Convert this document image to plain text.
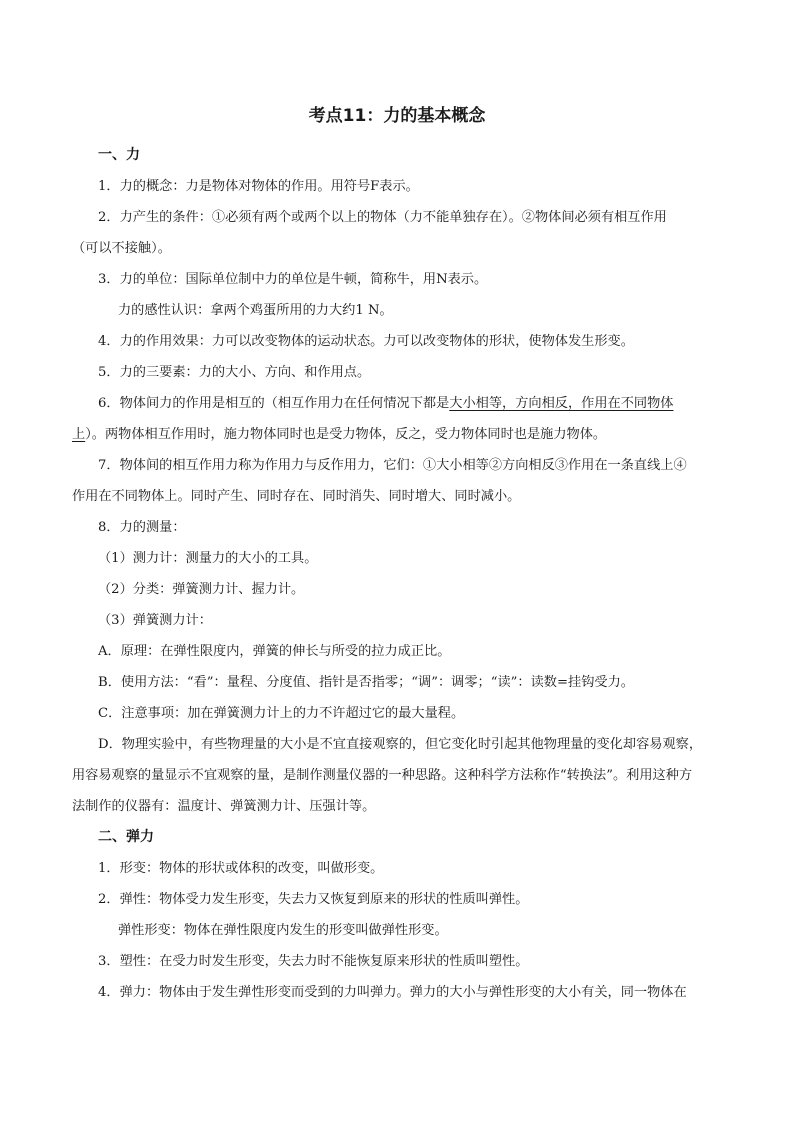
考点11：力的基本概念
一、力
1．力的概念：力是物体对物体的作用。用符号F表示。
2．力产生的条件：①必须有两个或两个以上的物体（力不能单独存在）。②物体间必须有相互作用
（可以不接触）。
3．力的单位：国际单位制中力的单位是牛顿，简称牛，用N表示。
力的感性认识：拿两个鸡蛋所用的力大约1 N。
4．力的作用效果：力可以改变物体的运动状态。力可以改变物体的形状，使物体发生形变。
5．力的三要素：力的大小、方向、和作用点。
6．物体间力的作用是相互的（相互作用力在任何情况下都是大小相等，方向相反，作用在不同物体
上）。两物体相互作用时，施力物体同时也是受力物体，反之，受力物体同时也是施力物体。
7．物体间的相互作用力称为作用力与反作用力，它们：①大小相等②方向相反③作用在一条直线上④
作用在不同物体上。同时产生、同时存在、同时消失、同时增大、同时减小。
8．力的测量：
（1）测力计：测量力的大小的工具。
（2）分类：弹簧测力计、握力计。
（3）弹簧测力计：
A．原理：在弹性限度内，弹簧的伸长与所受的拉力成正比。
B．使用方法：“看”：量程、分度值、指针是否指零；“调”：调零；“读”：读数=挂钩受力。
C．注意事项：加在弹簧测力计上的力不许超过它的最大量程。
D．物理实验中，有些物理量的大小是不宜直接观察的，但它变化时引起其他物理量的变化却容易观察，
用容易观察的量显示不宜观察的量，是制作测量仪器的一种思路。这种科学方法称作“转换法”。利用这种方
法制作的仪器有：温度计、弹簧测力计、压强计等。
二、弹力
1．形变：物体的形状或体积的改变，叫做形变。
2．弹性：物体受力发生形变，失去力又恢复到原来的形状的性质叫弹性。
弹性形变：物体在弹性限度内发生的形变叫做弹性形变。
3．塑性：在受力时发生形变，失去力时不能恢复原来形状的性质叫塑性。
4．弹力：物体由于发生弹性形变而受到的力叫弹力。弹力的大小与弹性形变的大小有关，同一物体在
